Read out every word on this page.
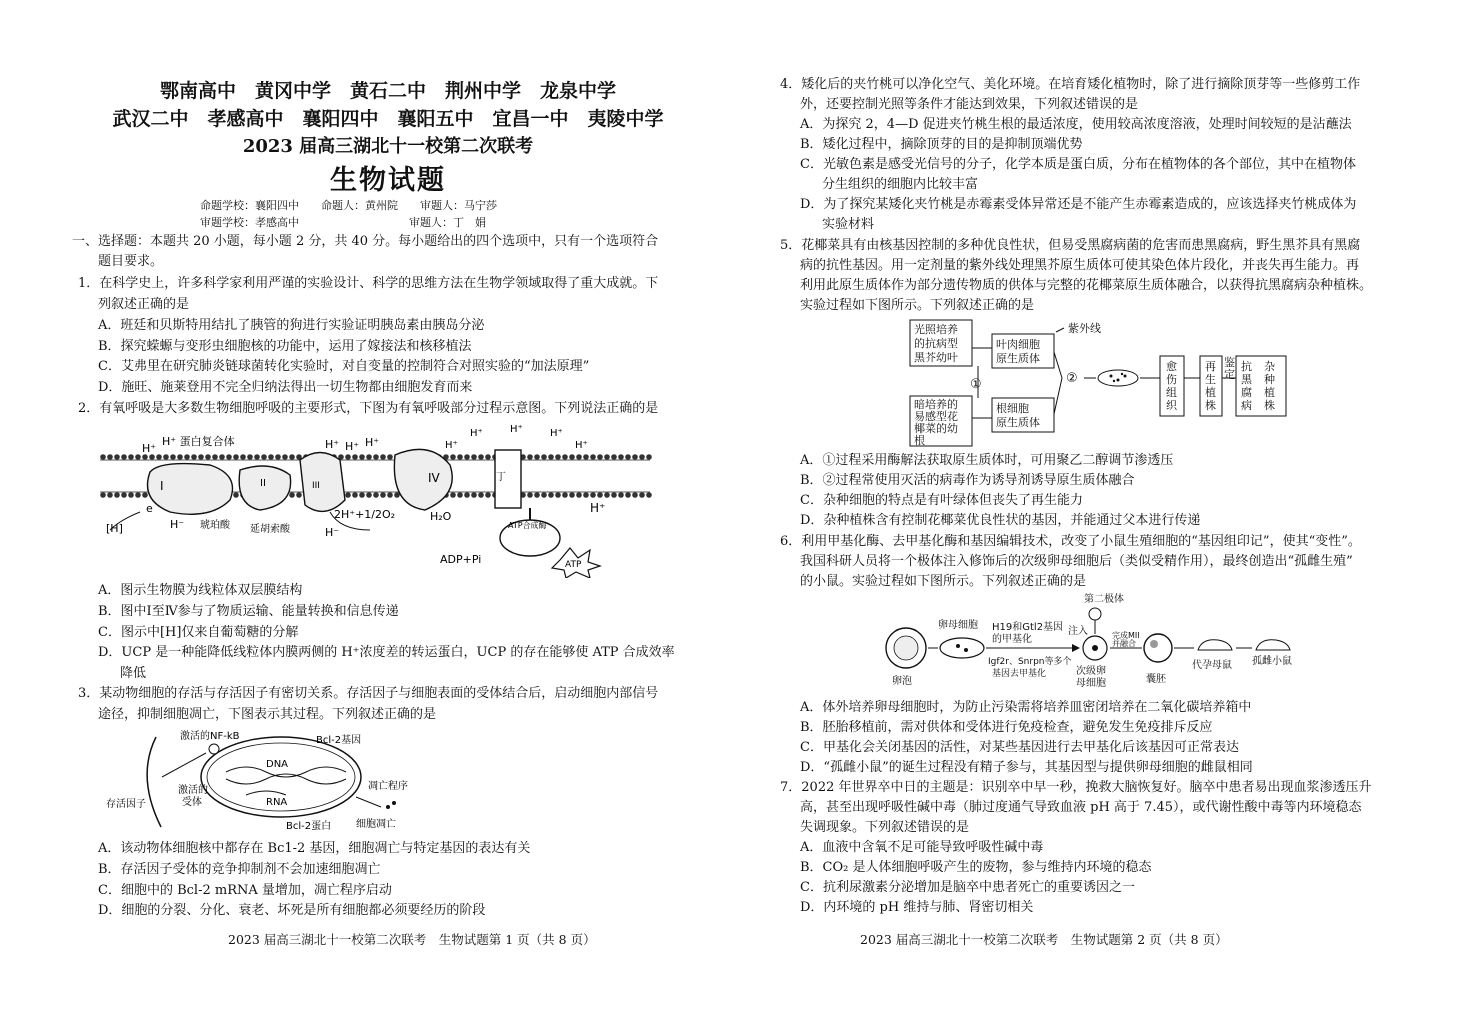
鄂南高中　黄冈中学　黄石二中　荆州中学　龙泉中学
武汉二中　孝感高中　襄阳四中　襄阳五中　宜昌一中　夷陵中学
2023 届高三湖北十一校第二次联考
生物试题
命题学校：襄阳四中　　命题人：黄州院　　审题人：马宁莎
审题学校：孝感高中　　　　　　　　　　审题人：丁　娟
一、选择题：本题共 20 小题，每小题 2 分，共 40 分。每小题给出的四个选项中，只有一个选项符合
题目要求。
1．在科学史上，许多科学家利用严谨的实验设计、科学的思维方法在生物学领域取得了重大成就。下
列叙述正确的是
A．班廷和贝斯特用结扎了胰管的狗进行实验证明胰岛素由胰岛分泌
B．探究蝾螈与变形虫细胞核的功能中，运用了嫁接法和核移植法
C．艾弗里在研究肺炎链球菌转化实验时，对自变量的控制符合对照实验的“加法原理”
D．施旺、施莱登用不完全归纳法得出一切生物都由细胞发育而来
2．有氧呼吸是大多数生物细胞呼吸的主要形式，下图为有氧呼吸部分过程示意图。下列说法正确的是
H⁺
H⁺ 蛋白复合体	H⁺ H⁺ H⁺
H⁺	H⁺	H⁺
H⁺	H⁺
I	II	III
IV	丁
e
[H]	H⁻ 琥珀酸 延胡索酸
2H⁺+1/2O₂	H₂O
H⁻
ATP合成酶
ADP+Pi	ATP
H⁺
A．图示生物膜为线粒体双层膜结构
B．图中Ⅰ至Ⅳ参与了物质运输、能量转换和信息传递
C．图示中[H]仅来自葡萄糖的分解
D．UCP 是一种能降低线粒体内膜两侧的 H⁺浓度差的转运蛋白，UCP 的存在能够使 ATP 合成效率
降低
3．某动物细胞的存活与存活因子有密切关系。存活因子与细胞表面的受体结合后，启动细胞内部信号
途径，抑制细胞凋亡，下图表示其过程。下列叙述正确的是
激活的NF-kB	Bcl-2基因
DNA
RNA
存活因子
激活的
受体
凋亡程序
Bcl-2蛋白 细胞凋亡
A．该动物体细胞核中都存在 Bc1-2 基因，细胞凋亡与特定基因的表达有关
B．存活因子受体的竞争抑制剂不会加速细胞凋亡
C．细胞中的 Bcl-2 mRNA 量增加，凋亡程序启动
D．细胞的分裂、分化、衰老、坏死是所有细胞都必须要经历的阶段
2023 届高三湖北十一校第二次联考　生物试题第 1 页（共 8 页）
4．矮化后的夹竹桃可以净化空气、美化环境。在培育矮化植物时，除了进行摘除顶芽等一些修剪工作
外，还要控制光照等条件才能达到效果，下列叙述错误的是
A．为探究 2，4—D 促进夹竹桃生根的最适浓度，使用较高浓度溶液，处理时间较短的是沾蘸法
B．矮化过程中，摘除顶芽的目的是抑制顶端优势
C．光敏色素是感受光信号的分子，化学本质是蛋白质，分布在植物体的各个部位，其中在植物体
分生组织的细胞内比较丰富
D．为了探究某矮化夹竹桃是赤霉素受体异常还是不能产生赤霉素造成的，应该选择夹竹桃成体为
实验材料
5．花椰菜具有由核基因控制的多种优良性状，但易受黑腐病菌的危害而患黑腐病，野生黑芥具有黑腐
病的抗性基因。用一定剂量的紫外线处理黑芥原生质体可使其染色体片段化，并丧失再生能力。再
利用此原生质体作为部分遗传物质的供体与完整的花椰菜原生质体融合，以获得抗黑腐病杂种植株。
实验过程如下图所示。下列叙述正确的是
光照培养
的抗病型
黑芥幼叶
暗培养的
易感型花
椰菜的幼
根
叶肉细胞
原生质体
根细胞
原生质体
紫外线
①	②
愈
伤
组
织
再
生
植
株
鉴
定
抗
黑
腐
病
杂
种
植
株
A．①过程采用酶解法获取原生质体时，可用聚乙二醇调节渗透压
B．②过程常使用灭活的病毒作为诱导剂诱导原生质体融合
C．杂种细胞的特点是有叶绿体但丧失了再生能力
D．杂种植株含有控制花椰菜优良性状的基因，并能通过父本进行传递
6．利用甲基化酶、去甲基化酶和基因编辑技术，改变了小鼠生殖细胞的“基因组印记”，使其“变性”。
我国科研人员将一个极体注入修饰后的次级卵母细胞后（类似受精作用），最终创造出“孤雌生殖”
的小鼠。实验过程如下图所示。下列叙述正确的是
第二极体
卵母细胞
卵泡
H19和Gtl2基因
的甲基化
Igf2r、Snrpn等多个
基因去甲基化
注入
次级卵
母细胞
完成MII
并融合
囊胚
代孕母鼠 孤雌小鼠
A．体外培养卵母细胞时，为防止污染需将培养皿密闭培养在二氧化碳培养箱中
B．胚胎移植前，需对供体和受体进行免疫检查，避免发生免疫排斥反应
C．甲基化会关闭基因的活性，对某些基因进行去甲基化后该基因可正常表达
D．“孤雌小鼠”的诞生过程没有精子参与，其基因型与提供卵母细胞的雌鼠相同
7．2022 年世界卒中日的主题是：识别卒中早一秒，挽救大脑恢复好。脑卒中患者易出现血浆渗透压升
高，甚至出现呼吸性碱中毒（肺过度通气导致血液 pH 高于 7.45），或代谢性酸中毒等内环境稳态
失调现象。下列叙述错误的是
A．血液中含氧不足可能导致呼吸性碱中毒
B．CO₂ 是人体细胞呼吸产生的废物，参与维持内环境的稳态
C．抗利尿激素分泌增加是脑卒中患者死亡的重要诱因之一
D．内环境的 pH 维持与肺、肾密切相关
2023 届高三湖北十一校第二次联考　生物试题第 2 页（共 8 页）
